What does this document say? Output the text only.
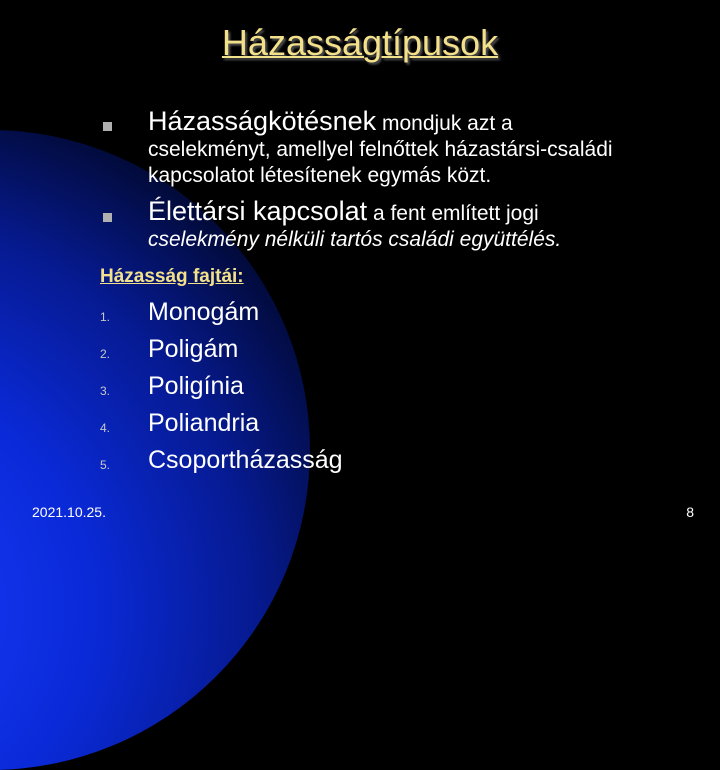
Házasságtípusok
Házasságkötésnek mondjuk azt a
cselekményt, amellyel felnőttek házastársi-családi kapcsolatot létesítenek egymás közt.
Élettársi kapcsolat a fent említett jogi
cselekmény nélküli tartós családi együttélés.
Házasság fajtái:
1. Monogám
2. Poligám
3. Poligínia
4. Poliandria
5. Csoportházasság
2021.10.25.	8
